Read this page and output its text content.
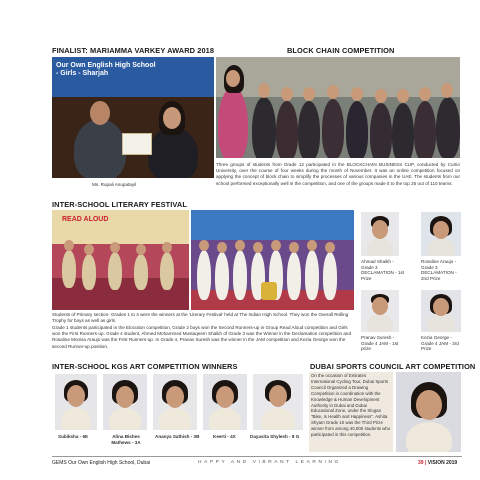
FINALIST: MARIAMMA VARKEY AWARD 2018
Our Own English High School - Girls - Sharjah
Ms. Rupali Anupatayil
BLOCK CHAIN COMPETITION
Three groups of students from Grade 12 participated in the BLOCKCHAIN BUSINESS CUP, conducted by Curtin University, over the course of four weeks during the month of November. It was an online competition focused on applying the concept of block chain to simplify the processes of various companies in the UAE. The students from our school performed exceptionally well in the competition, and one of the groups made it to the top 25 out of 110 teams.
INTER-SCHOOL LITERARY FESTIVAL
READ ALOUD
Ahmad Shaikh - Grade 3 DECLAMATION - 1st Prize
Rosaline Araujo - Grade 3 DECLAMATION - 2nd Prize
Pranav Suresh - Grade 4 JAM - 1st prize
Kezia George - Grade 4 JAM - 3rd Prize
Students of Primary section- Grades 1 to 4 were the winners at the 'Literary Festival' held at The Indian High School. They won the Overall Rolling Trophy for boys as well as girls.
Grade 1 students participated in the Elocution competition, Grade 2 boys won the Second Runners-up in Group Read Aloud competition and Girls won the First Runners-up. Grade 4 student, Ahmed Mohammed Mustaqeem Shaikh of Grade 3 was the Winner in the Declamation competition and Rosaline Monisa Araujo was the First Runners-up. In Grade 4, Pranav Suresh was the winner in the JAM competition and Kezia George won the second Runner-up position.
INTER-SCHOOL KGS ART COMPETITION WINNERS
Subiksha - 6E	Alina Bishes Mathews - 3A
Ananya Sathish - 3B	Keerti - 4X	Dayasita Shylesh - 8 G
DUBAI SPORTS COUNCIL ART COMPETITION
On the occasion of Emirates International Cycling Tour, Dubai Sports Council Organized a Drawing Competition in coordination with the Knowledge & Human Development Authority in Dubai and Dubai Educational Zone, under the Slogan "Bike, Is Health and Happiness". Ashita Shyam Grade 10 was the Third Prize winner from among 40,000 students who participated in this competition.
GEMS Our Own English High School, Dubai	HAPPY AND VIBRANT LEARNING	39 | VISION 2019
